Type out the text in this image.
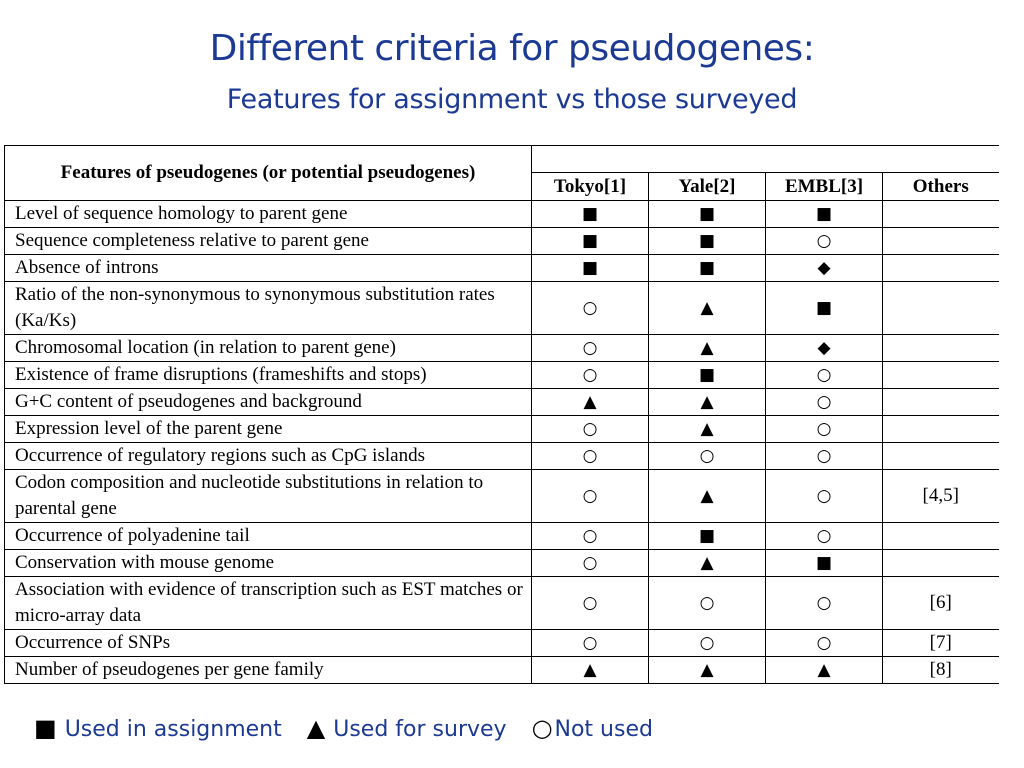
Different criteria for pseudogenes:
Features for assignment vs those surveyed
Features of pseudogenes (or potential pseudogenes)				
	Tokyo[1]	Yale[2]	EMBL[3]	Others
Level of sequence homology to parent gene	■	■	■	
Sequence completeness relative to parent gene	■	■	○	
Absence of introns	■	■	◆	
Ratio of the non-synonymous to synonymous substitution rates (Ka/Ks)	○	▲	■	
Chromosomal location (in relation to parent gene)	○	▲	◆	
Existence of frame disruptions (frameshifts and stops)	○	■	○	
G+C content of pseudogenes and background	▲	▲	○	
Expression level of the parent gene	○	▲	○	
Occurrence of regulatory regions such as CpG islands	○	○	○	
Codon composition and nucleotide substitutions in relation to parental gene	○	▲	○	[4,5]
Occurrence of polyadenine tail	○	■	○	
Conservation with mouse genome	○	▲	■	
Association with evidence of transcription such as EST matches or micro-array data	○	○	○	[6]
Occurrence of SNPs	○	○	○	[7]
Number of pseudogenes per gene family	▲	▲	▲	[8]
■ Used in assignment ▲ Used for survey ○Not used
